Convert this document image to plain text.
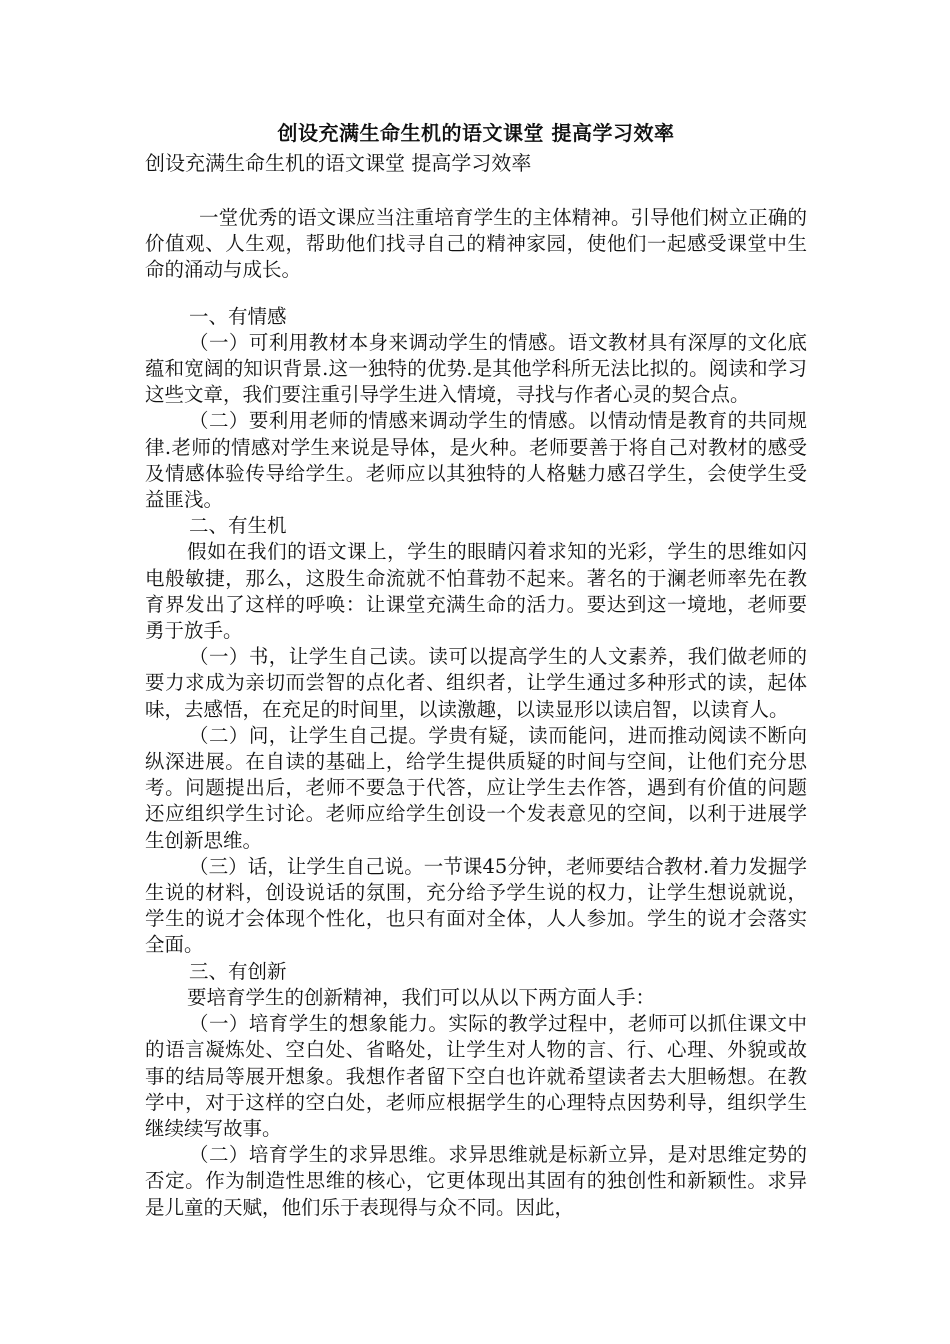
创设充满生命生机的语文课堂 提高学习效率

创设充满生命生机的语文课堂 提高学习效率

一堂优秀的语文课应当注重培育学生的主体精神。引导他们树立正确的价值观、人生观，帮助他们找寻自己的精神家园，使他们一起感受课堂中生命的涌动与成长。

一、有情感

（一）可利用教材本身来调动学生的情感。语文教材具有深厚的文化底蕴和宽阔的知识背景.这一独特的优势.是其他学科所无法比拟的。阅读和学习这些文章，我们要注重引导学生进入情境，寻找与作者心灵的契合点。

（二）要利用老师的情感来调动学生的情感。以情动情是教育的共同规律.老师的情感对学生来说是导体，是火种。老师要善于将自己对教材的感受及情感体验传导给学生。老师应以其独特的人格魅力感召学生，会使学生受益匪浅。

二、有生机

假如在我们的语文课上，学生的眼睛闪着求知的光彩，学生的思维如闪电般敏捷，那么，这股生命流就不怕葺勃不起来。著名的于澜老师率先在教育界发出了这样的呼唤：让课堂充满生命的活力。要达到这一境地，老师要勇于放手。

（一）书，让学生自己读。读可以提高学生的人文素养，我们做老师的要力求成为亲切而尝智的点化者、组织者，让学生通过多种形式的读，起体味，去感悟，在充足的时间里，以读激趣，以读显形以读启智，以读育人。

（二）问，让学生自己提。学贵有疑，读而能问，进而推动阅读不断向纵深进展。在自读的基础上，给学生提供质疑的时间与空间，让他们充分思考。问题提出后，老师不要急于代答，应让学生去作答，遇到有价值的问题还应组织学生讨论。老师应给学生创设一个发表意见的空间，以利于进展学生创新思维。

（三）话，让学生自己说。一节课45分钟，老师要结合教材.着力发掘学生说的材料，创设说话的氛围，充分给予学生说的权力，让学生想说就说，学生的说才会体现个性化，也只有面对全体，人人参加。学生的说才会落实全面。

三、有创新

要培育学生的创新精神，我们可以从以下两方面人手：

（一）培育学生的想象能力。实际的教学过程中，老师可以抓住课文中的语言凝炼处、空白处、省略处，让学生对人物的言、行、心理、外貌或故事的结局等展开想象。我想作者留下空白也许就希望读者去大胆畅想。在教学中，对于这样的空白处，老师应根据学生的心理特点因势利导，组织学生继续续写故事。

（二）培育学生的求异思维。求异思维就是标新立异，是对思维定势的否定。作为制造性思维的核心，它更体现出其固有的独创性和新颖性。求异是儿童的天赋，他们乐于表现得与众不同。因此，
